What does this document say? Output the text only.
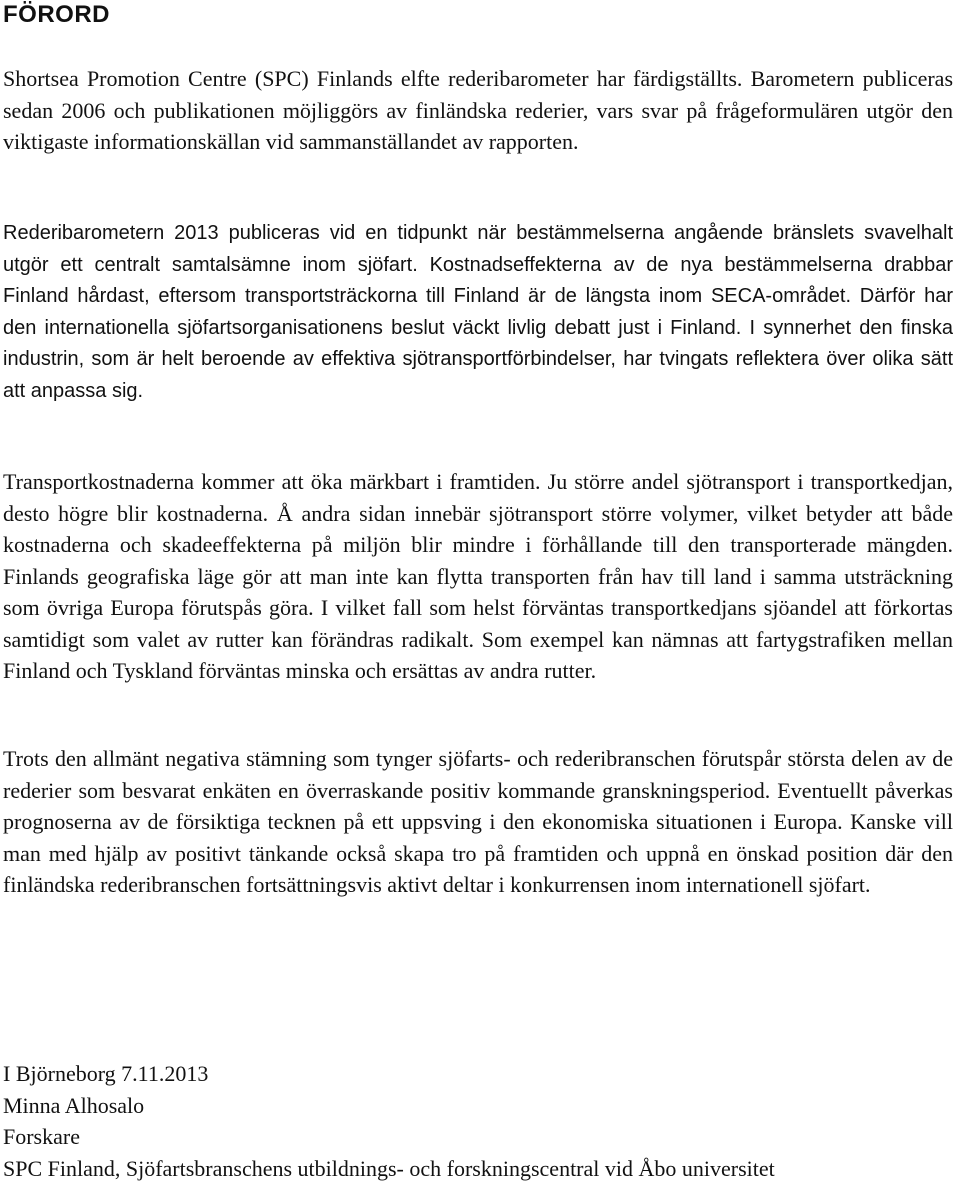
FÖRORD

Shortsea Promotion Centre (SPC) Finlands elfte rederibarometer har färdigställts. Barometern publiceras sedan 2006 och publikationen möjliggörs av finländska rederier, vars svar på frågeformulären utgör den viktigaste informationskällan vid sammanställandet av rapporten.

Rederibarometern 2013 publiceras vid en tidpunkt när bestämmelserna angående bränslets svavelhalt utgör ett centralt samtalsämne inom sjöfart. Kostnadseffekterna av de nya bestämmelserna drabbar Finland hårdast, eftersom transportsträckorna till Finland är de längsta inom SECA-området. Därför har den internationella sjöfartsorganisationens beslut väckt livlig debatt just i Finland. I synnerhet den finska industrin, som är helt beroende av effektiva sjötransportförbindelser, har tvingats reflektera över olika sätt att anpassa sig.

Transportkostnaderna kommer att öka märkbart i framtiden. Ju större andel sjötransport i transportkedjan, desto högre blir kostnaderna. Å andra sidan innebär sjötransport större volymer, vilket betyder att både kostnaderna och skadeeffekterna på miljön blir mindre i förhållande till den transporterade mängden. Finlands geografiska läge gör att man inte kan flytta transporten från hav till land i samma utsträckning som övriga Europa förutspås göra. I vilket fall som helst förväntas transportkedjans sjöandel att förkortas samtidigt som valet av rutter kan förändras radikalt. Som exempel kan nämnas att fartygstrafiken mellan Finland och Tyskland förväntas minska och ersättas av andra rutter.

Trots den allmänt negativa stämning som tynger sjöfarts- och rederibranschen förutspår största delen av de rederier som besvarat enkäten en överraskande positiv kommande granskningsperiod. Eventuellt påverkas prognoserna av de försiktiga tecknen på ett uppsving i den ekonomiska situationen i Europa. Kanske vill man med hjälp av positivt tänkande också skapa tro på framtiden och uppnå en önskad position där den finländska rederibranschen fortsättningsvis aktivt deltar i konkurrensen inom internationell sjöfart.

I Björneborg 7.11.2013
Minna Alhosalo
Forskare
SPC Finland, Sjöfartsbranschens utbildnings- och forskningscentral vid Åbo universitet
